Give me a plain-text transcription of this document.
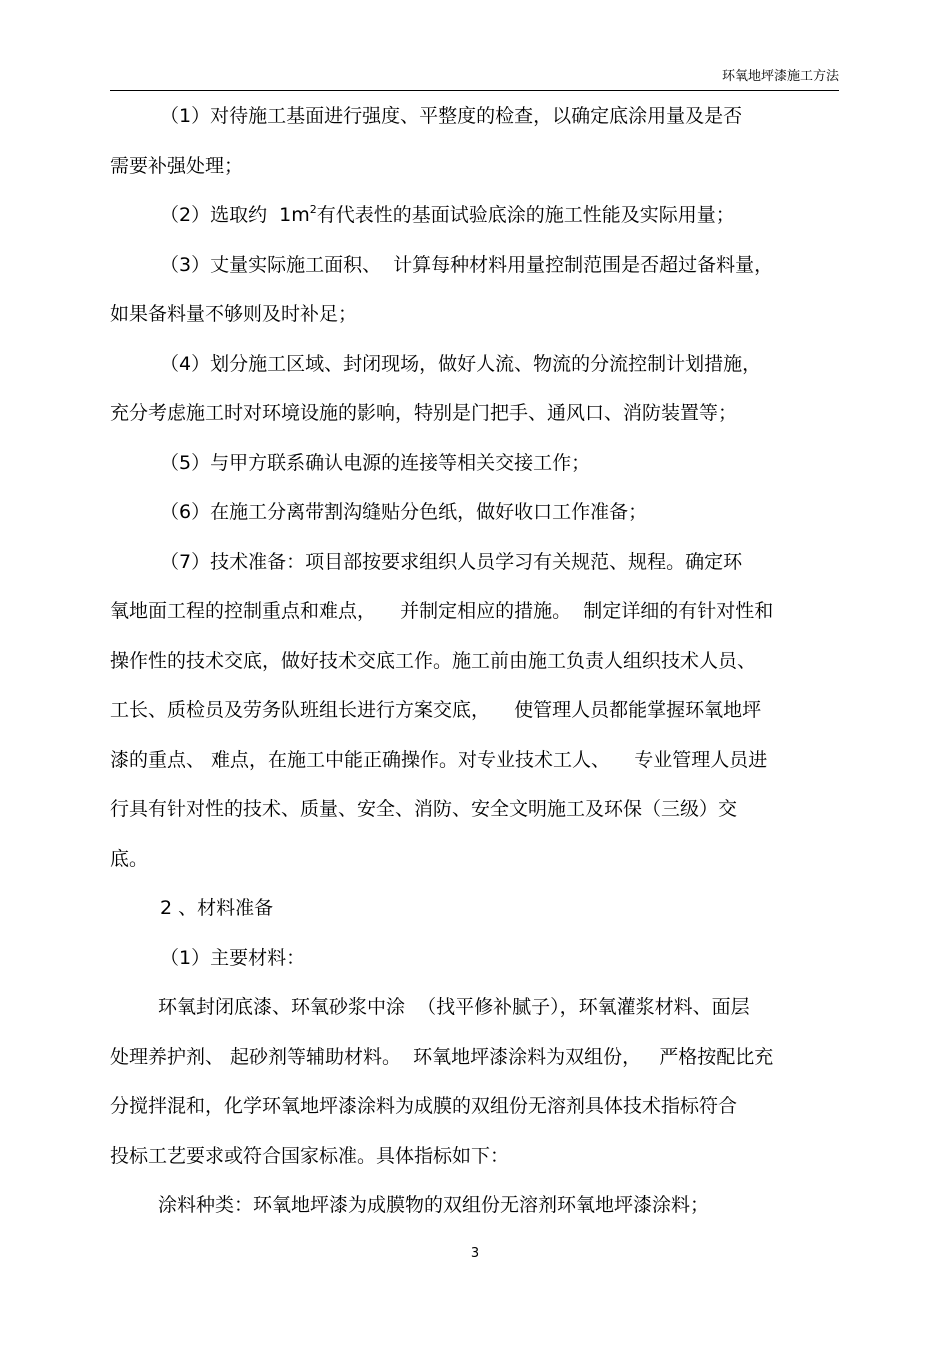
环氧地坪漆施工方法
（1）对待施工基面进行强度、平整度的检查，以确定底涂用量及是否
需要补强处理；
（2）选取约  $1m^2$有代表性的基面试验底涂的施工性能及实际用量；
（3）丈量实际施工面积、  计算每种材料用量控制范围是否超过备料量，
如果备料量不够则及时补足；
（4）划分施工区域、封闭现场，做好人流、物流的分流控制计划措施，
充分考虑施工时对环境设施的影响，特别是门把手、通风口、消防装置等；
（5）与甲方联系确认电源的连接等相关交接工作；
（6）在施工分离带割沟缝贴分色纸，做好收口工作准备；
（7）技术准备：项目部按要求组织人员学习有关规范、规程。确定环
氧地面工程的控制重点和难点，    并制定相应的措施。  制定详细的有针对性和
操作性的技术交底，做好技术交底工作。施工前由施工负责人组织技术人员、
工长、质检员及劳务队班组长进行方案交底，    使管理人员都能掌握环氧地坪
漆的重点、 难点，在施工中能正确操作。对专业技术工人、    专业管理人员进
行具有针对性的技术、质量、安全、消防、安全文明施工及环保（三级）交
底。
2 、材料准备
（1）主要材料：
环氧封闭底漆、环氧砂浆中涂  （找平修补腻子），环氧灌浆材料、面层
处理养护剂、 起砂剂等辅助材料。  环氧地坪漆涂料为双组份，   严格按配比充
分搅拌混和，化学环氧地坪漆涂料为成膜的双组份无溶剂具体技术指标符合
投标工艺要求或符合国家标准。具体指标如下：
涂料种类：环氧地坪漆为成膜物的双组份无溶剂环氧地坪漆涂料；
3
